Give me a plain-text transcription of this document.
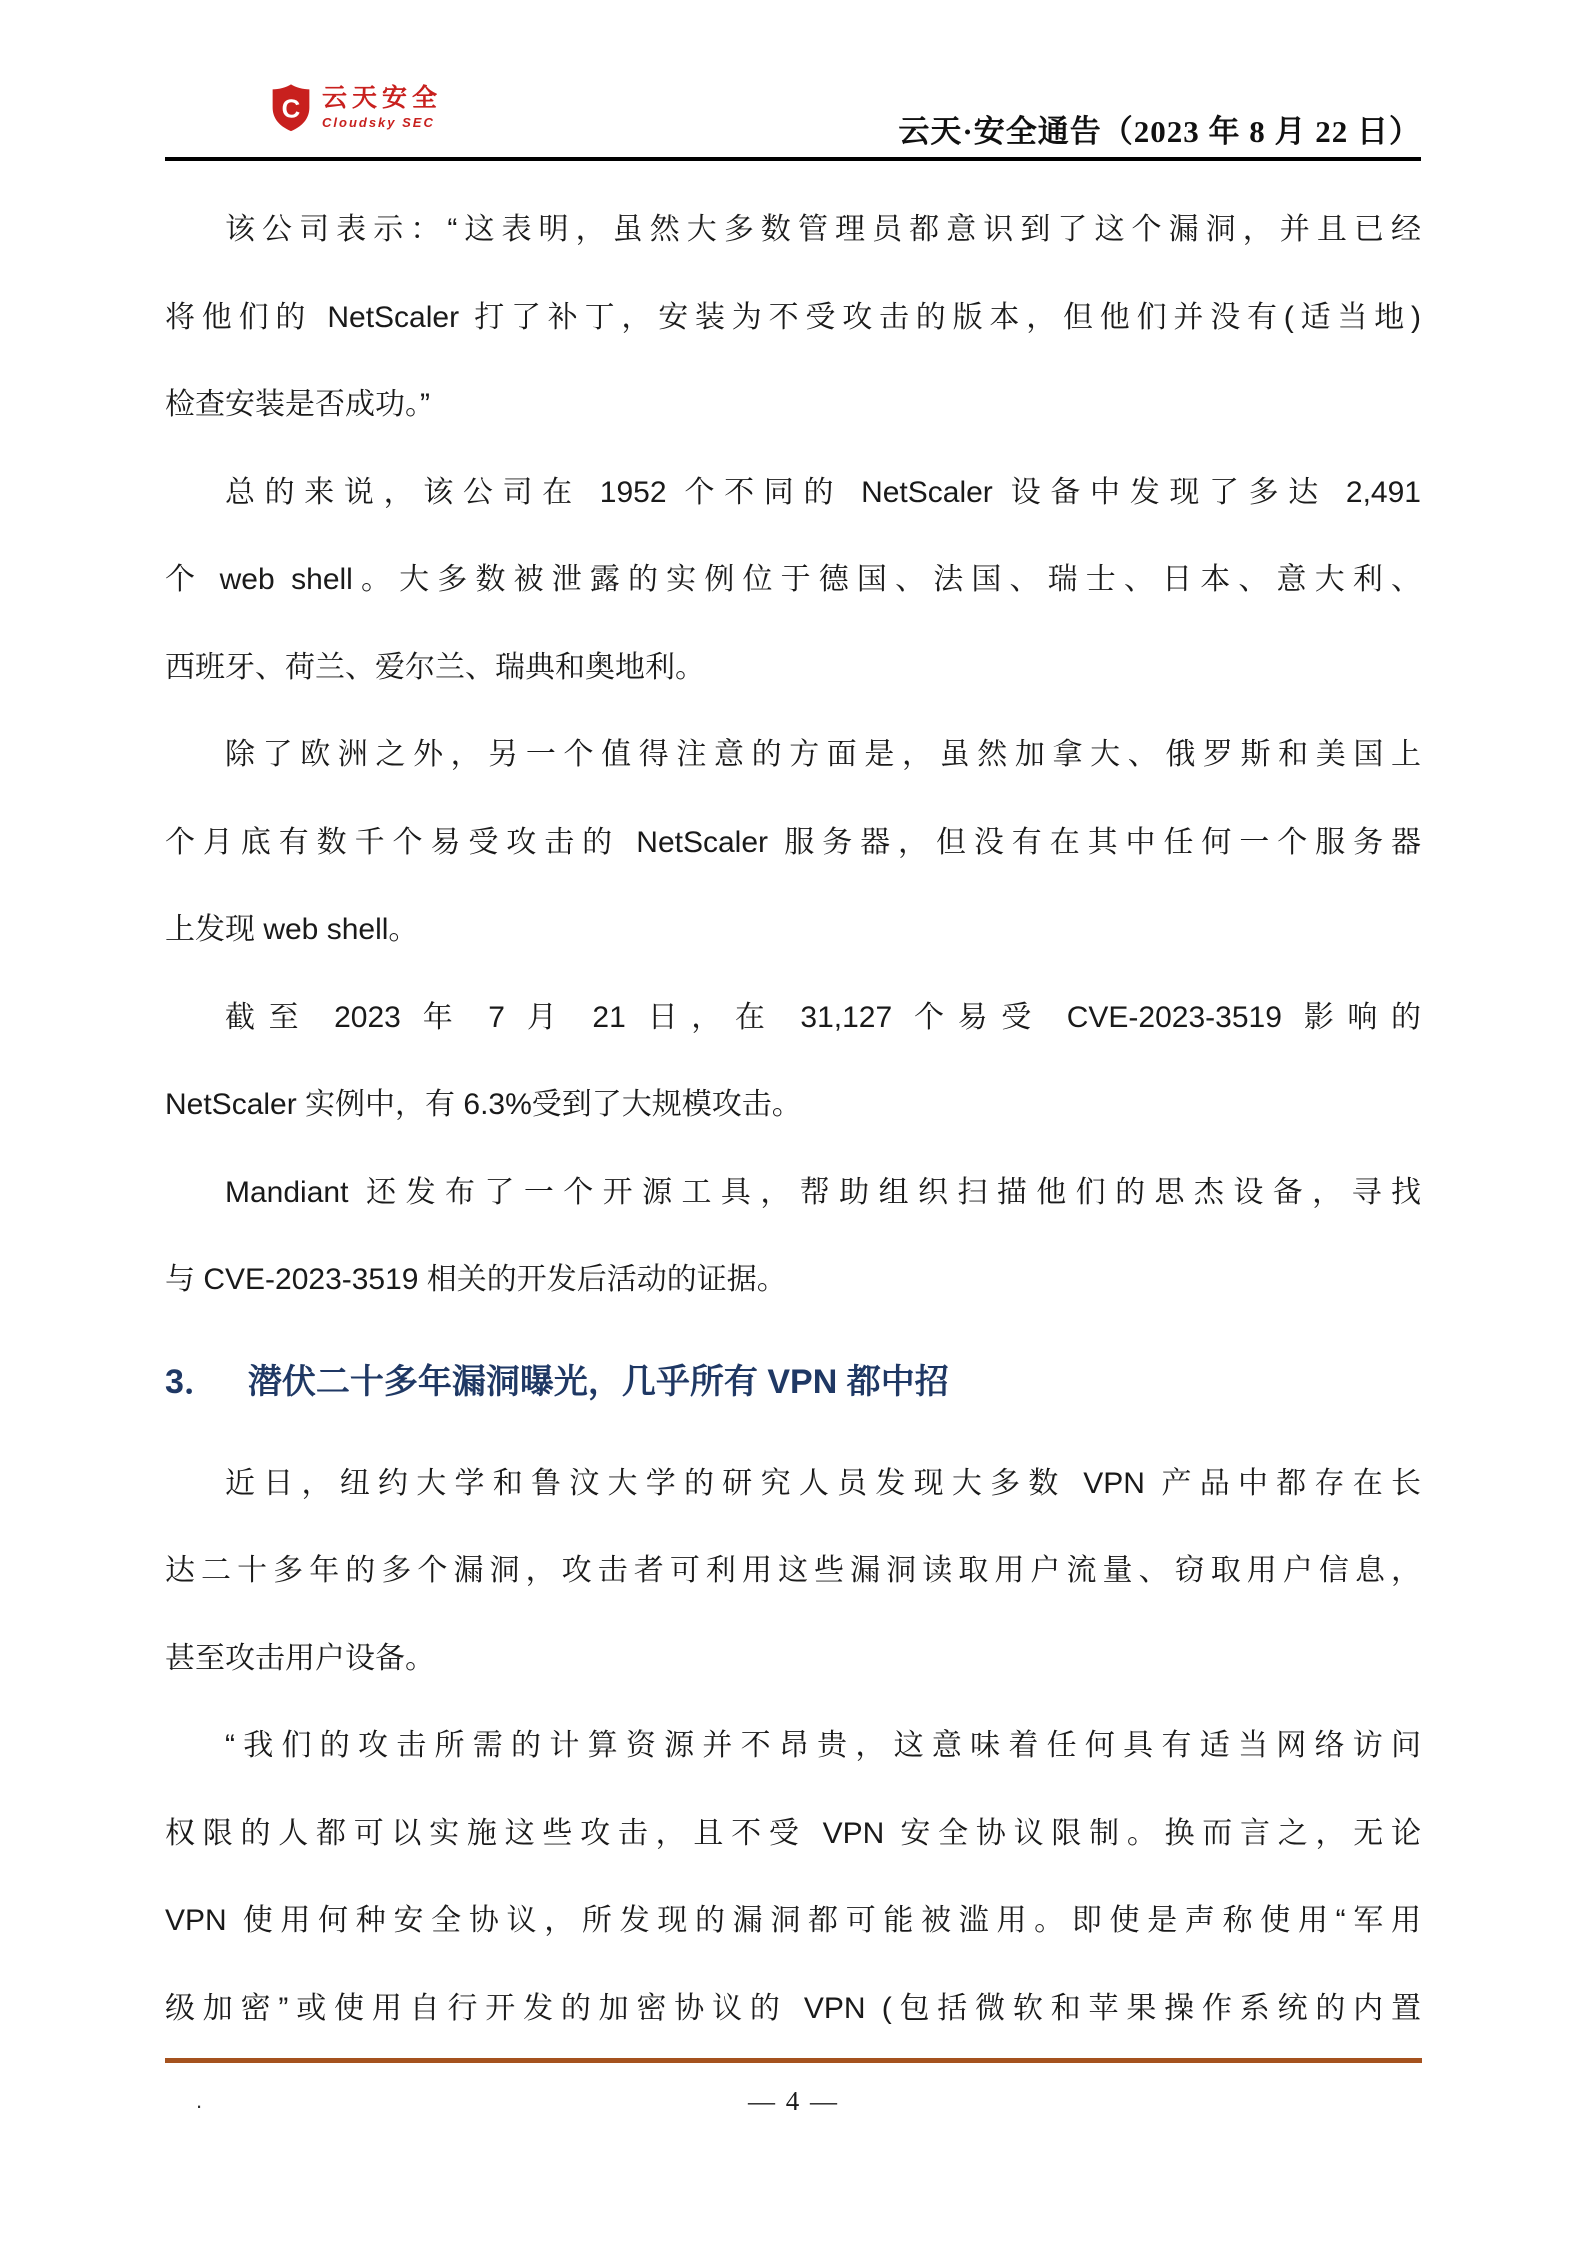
C 云天安全
Cloudsky SEC	云天·安全通告（2023 年 8 月 22 日）
该公司表示：“这表明，虽然大多数管理员都意识到了这个漏洞，并且已经
将他们的 NetScaler 打了补丁，安装为不受攻击的版本，但他们并没有(适当地)
检查安装是否成功。”
总的来说，该公司在 1952 个不同的 NetScaler 设备中发现了多达 2,491
个 web shell。大多数被泄露的实例位于德国、法国、瑞士、日本、意大利、
西班牙、荷兰、爱尔兰、瑞典和奥地利。
除了欧洲之外，另一个值得注意的方面是，虽然加拿大、俄罗斯和美国上
个月底有数千个易受攻击的 NetScaler 服务器，但没有在其中任何一个服务器
上发现 web shell。
截至 2023 年 7 月 21 日，在 31,127 个易受 CVE-2023-3519 影响的
NetScaler 实例中，有 6.3%受到了大规模攻击。
Mandiant 还发布了一个开源工具，帮助组织扫描他们的思杰设备，寻找
与 CVE-2023-3519 相关的开发后活动的证据。
3． 潜伏二十多年漏洞曝光，几乎所有 VPN 都中招
近日，纽约大学和鲁汶大学的研究人员发现大多数 VPN 产品中都存在长
达二十多年的多个漏洞，攻击者可利用这些漏洞读取用户流量、窃取用户信息，
甚至攻击用户设备。
“我们的攻击所需的计算资源并不昂贵，这意味着任何具有适当网络访问
权限的人都可以实施这些攻击，且不受 VPN 安全协议限制。换而言之，无论
VPN 使用何种安全协议，所发现的漏洞都可能被滥用。即使是声称使用“军用
级加密”或使用自行开发的加密协议的 VPN (包括微软和苹果操作系统的内置
.	— 4 —
